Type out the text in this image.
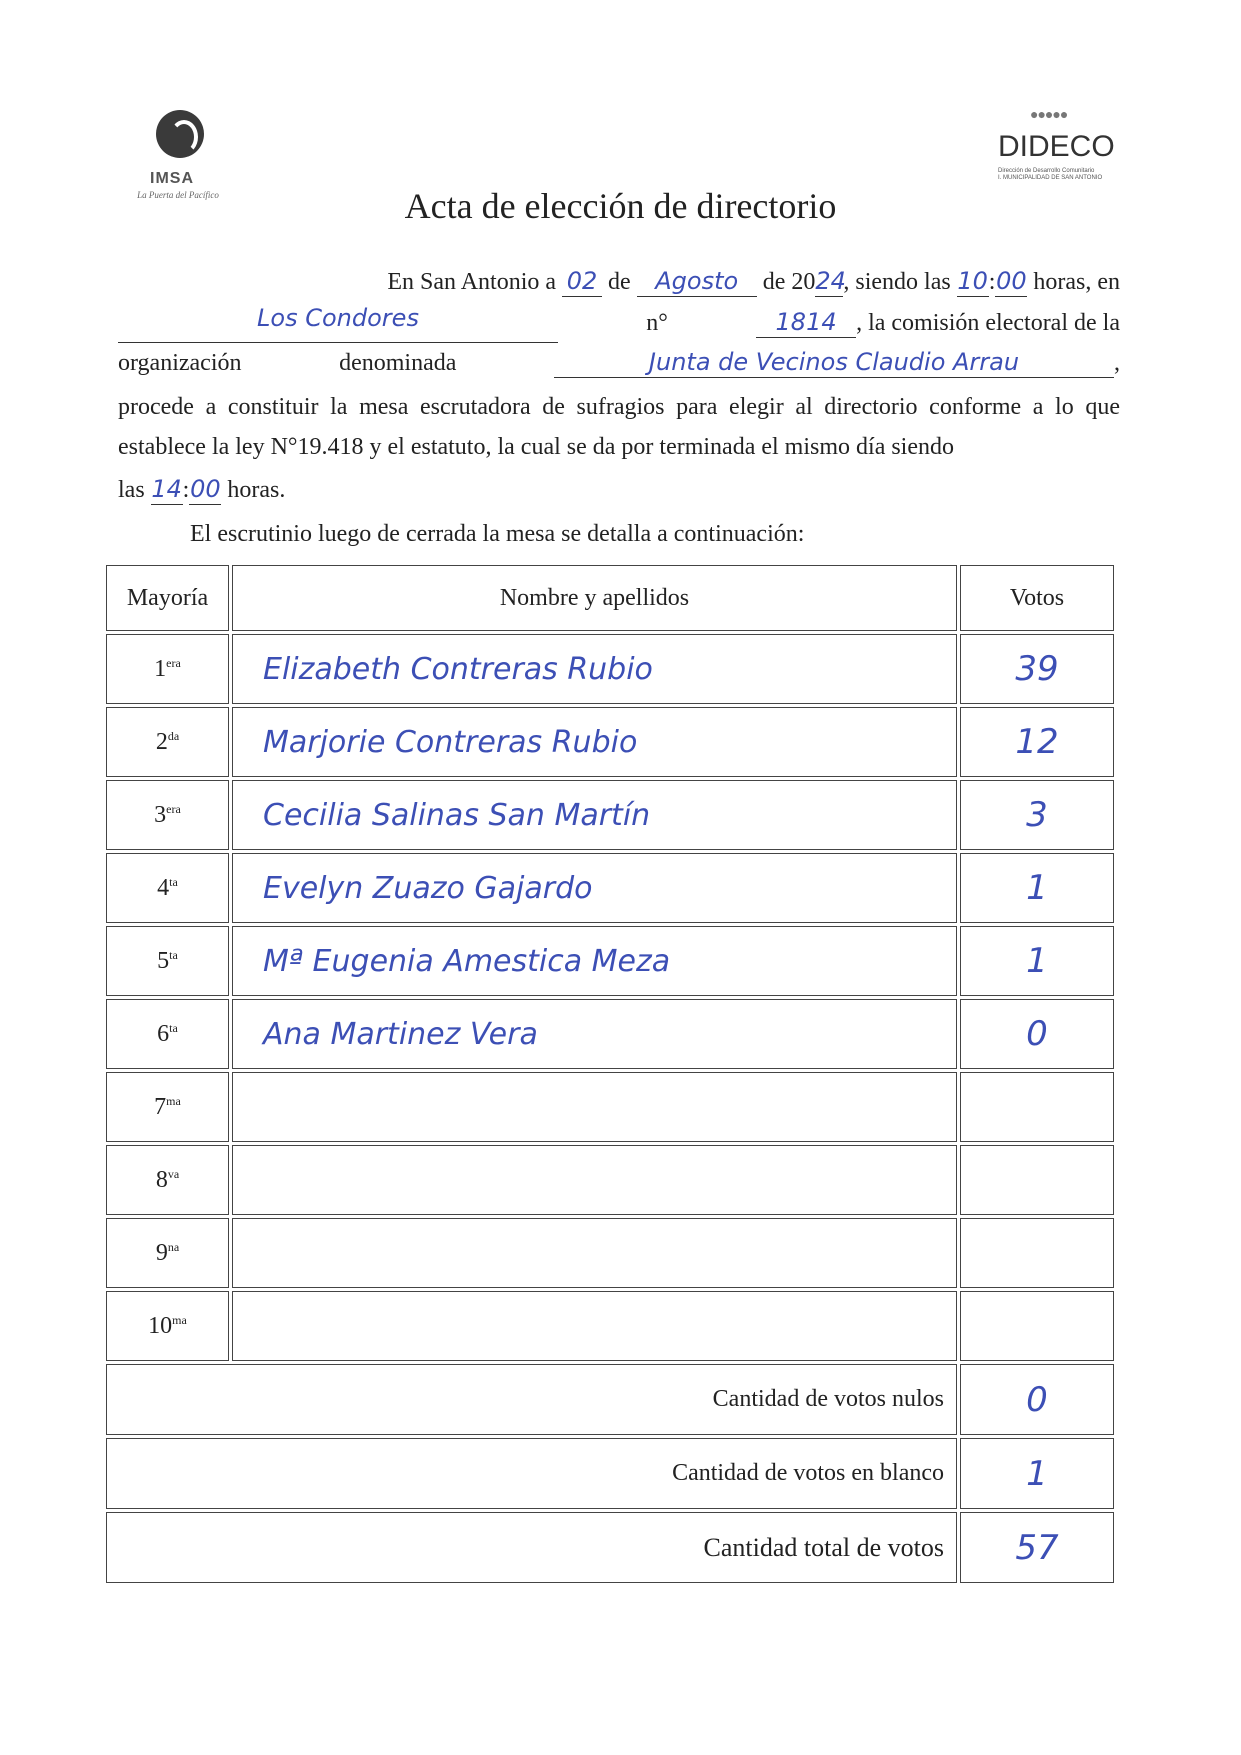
IMSA
La Puerta del Pacífico
●●●●●
DIDECO
Dirección de Desarrollo Comunitario
I. MUNICIPALIDAD DE SAN ANTONIO
Acta de elección de directorio
En San Antonio a 02 de Agosto de 2024, siendo las 10:00 horas, en
Los Condores	n°	1814 , la comisión electoral de la
organización	denominada	Junta de Vecinos Claudio Arrau	,
procede a constituir la mesa escrutadora de sufragios para elegir al directorio conforme a lo que establece la ley N°19.418 y el estatuto, la cual se da por terminada el mismo día siendo
las 14:00 horas.
El escrutinio luego de cerrada la mesa se detalla a continuación:
Mayoría	Nombre y apellidos	Votos
$1^{era}$	Elizabeth Contreras Rubio	39
$2^{da}$	Marjorie Contreras Rubio	12
$3^{era}$	Cecilia Salinas San Martín	3
$4^{ta}$	Evelyn Zuazo Gajardo	1
$5^{ta}$	Mª Eugenia Amestica Meza	1
$6^{ta}$	Ana Martinez Vera	0
$7^{ma}$		
$8^{va}$		
$9^{na}$		
$10^{ma}$		
Cantidad de votos nulos		0
Cantidad de votos en blanco		1
Cantidad total de votos		57
